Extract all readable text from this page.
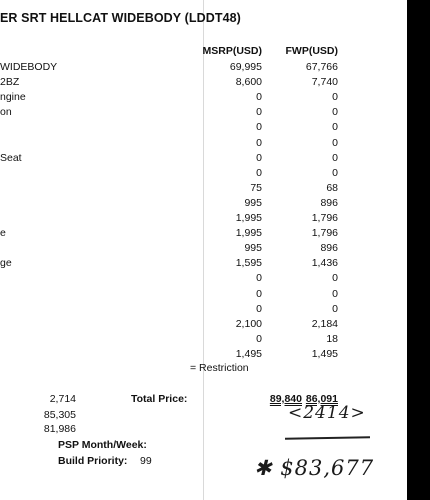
ER SRT HELLCAT WIDEBODY (LDDT48)
MSRP(USD)	FWP(USD)
WIDEBODY	69,995	67,766
2BZ	8,600	7,740
ngine	0	0
on	0	0
0	0
0	0
Seat	0	0
0	0
75	68
995	896
1,995	1,796
e	1,995	1,796
995	896
ge	1,595	1,436
0	0
0	0
0	0
2,100	2,184
0	18
1,495	1,495
= Restriction
2,714
85,305
81,986
Total Price:	89,840 86,091
PSP Month/Week:
Build Priority: 99
<2414>
✱ $83,677
